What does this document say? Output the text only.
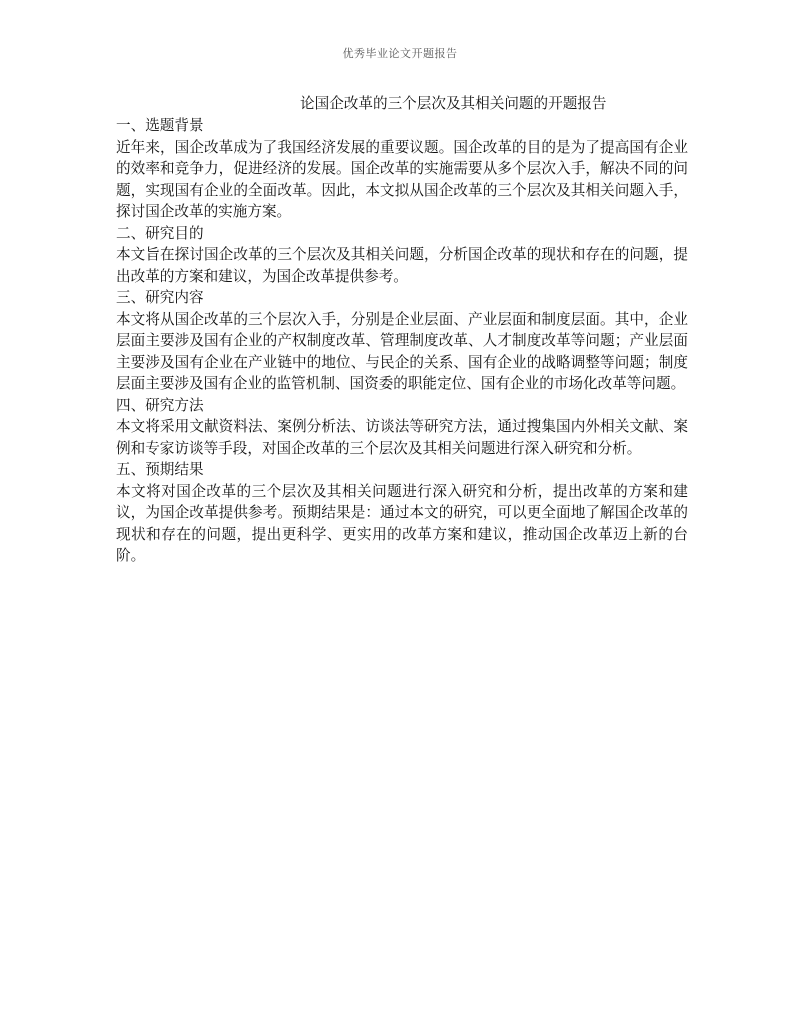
优秀毕业论文开题报告
论国企改革的三个层次及其相关问题的开题报告
一、选题背景

近年来，国企改革成为了我国经济发展的重要议题。国企改革的目的是为了提高国有企业的效率和竞争力，促进经济的发展。国企改革的实施需要从多个层次入手，解决不同的问题，实现国有企业的全面改革。因此，本文拟从国企改革的三个层次及其相关问题入手，探讨国企改革的实施方案。

二、研究目的

本文旨在探讨国企改革的三个层次及其相关问题，分析国企改革的现状和存在的问题，提出改革的方案和建议，为国企改革提供参考。

三、研究内容

本文将从国企改革的三个层次入手，分别是企业层面、产业层面和制度层面。其中，企业层面主要涉及国有企业的产权制度改革、管理制度改革、人才制度改革等问题；产业层面主要涉及国有企业在产业链中的地位、与民企的关系、国有企业的战略调整等问题；制度层面主要涉及国有企业的监管机制、国资委的职能定位、国有企业的市场化改革等问题。

四、研究方法

本文将采用文献资料法、案例分析法、访谈法等研究方法，通过搜集国内外相关文献、案例和专家访谈等手段，对国企改革的三个层次及其相关问题进行深入研究和分析。

五、预期结果

本文将对国企改革的三个层次及其相关问题进行深入研究和分析，提出改革的方案和建议，为国企改革提供参考。预期结果是：通过本文的研究，可以更全面地了解国企改革的现状和存在的问题，提出更科学、更实用的改革方案和建议，推动国企改革迈上新的台阶。
